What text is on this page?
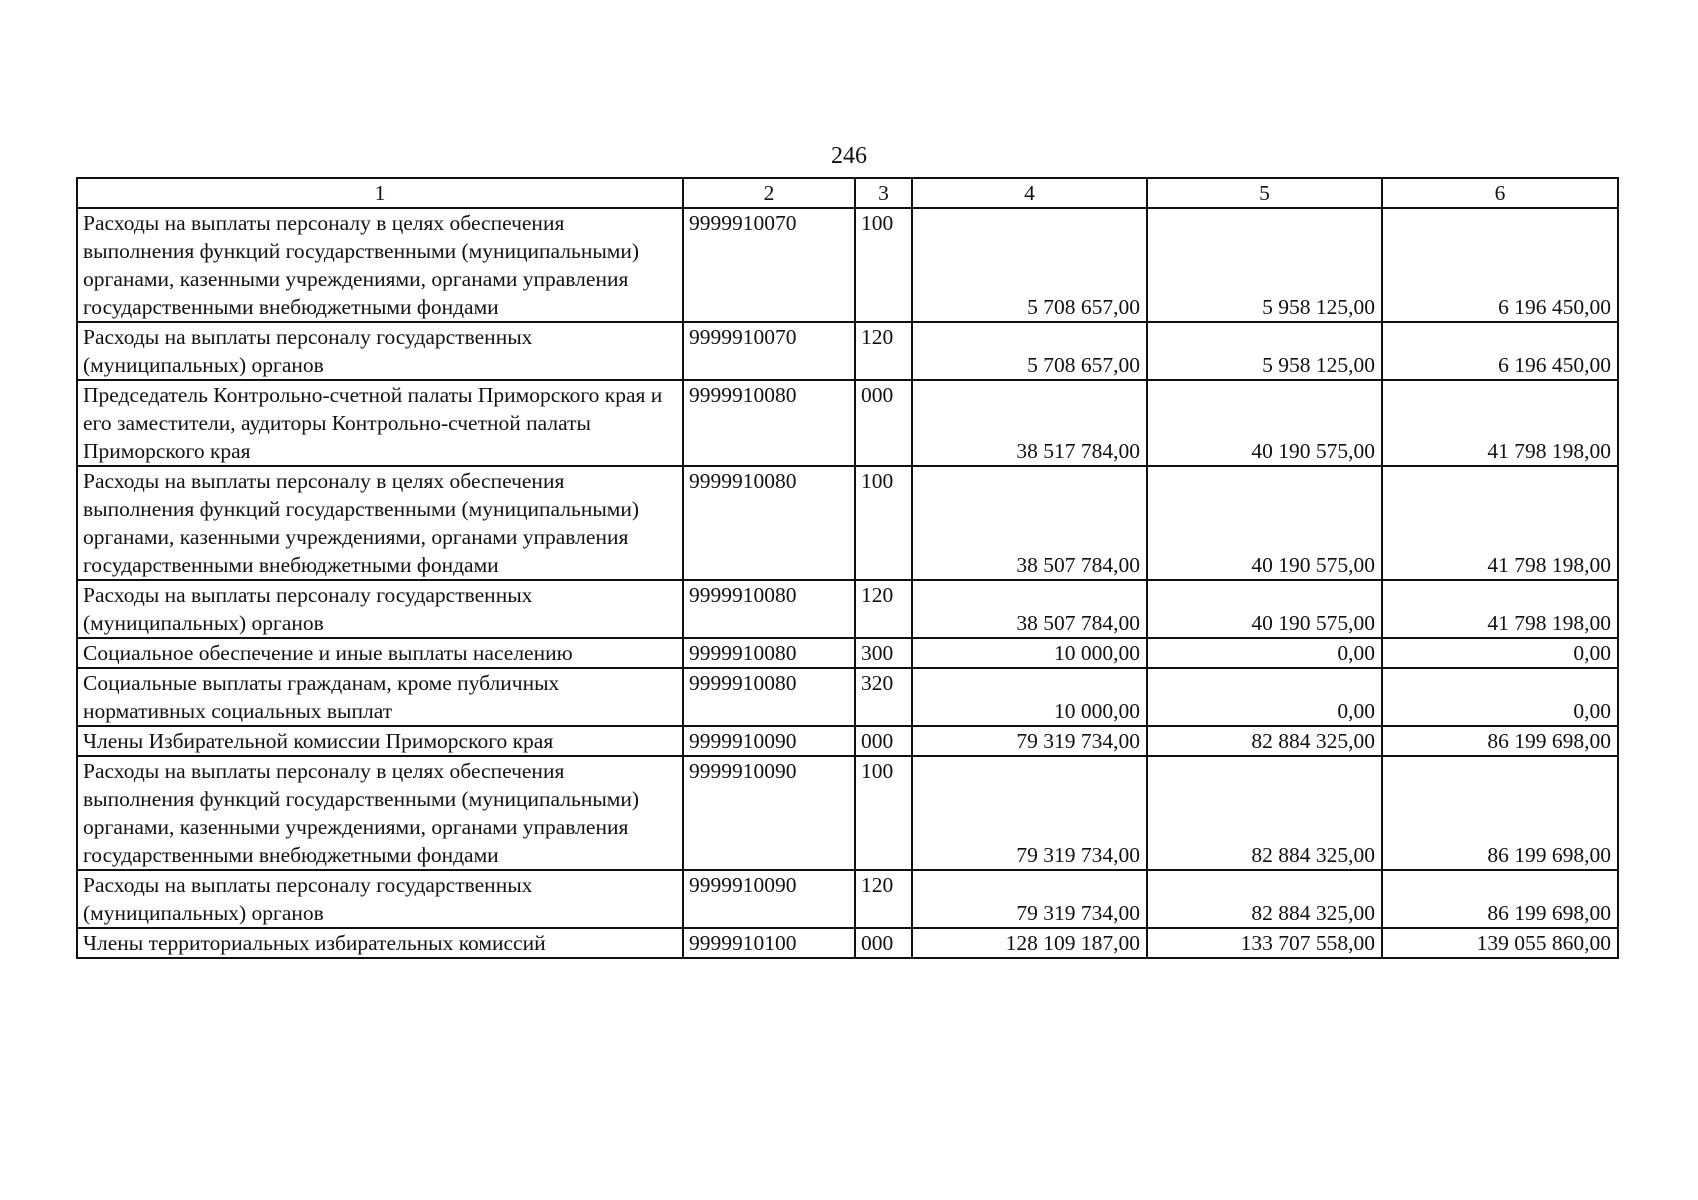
246
1	2	3	4	5	6
Расходы на выплаты персоналу в целях обеспечения выполнения функций государственными (муниципальными) органами, казенными учреждениями, органами управления государственными внебюджетными фондами	9999910070	100	5 708 657,00	5 958 125,00	6 196 450,00
Расходы на выплаты персоналу государственных (муниципальных) органов	9999910070	120	5 708 657,00	5 958 125,00	6 196 450,00
Председатель Контрольно-счетной палаты Приморского края и его заместители, аудиторы Контрольно-счетной палаты Приморского края	9999910080	000	38 517 784,00	40 190 575,00	41 798 198,00
Расходы на выплаты персоналу в целях обеспечения выполнения функций государственными (муниципальными) органами, казенными учреждениями, органами управления государственными внебюджетными фондами	9999910080	100	38 507 784,00	40 190 575,00	41 798 198,00
Расходы на выплаты персоналу государственных (муниципальных) органов	9999910080	120	38 507 784,00	40 190 575,00	41 798 198,00
Социальное обеспечение и иные выплаты населению	9999910080	300	10 000,00	0,00	0,00
Социальные выплаты гражданам, кроме публичных нормативных социальных выплат	9999910080	320	10 000,00	0,00	0,00
Члены Избирательной комиссии Приморского края	9999910090	000	79 319 734,00	82 884 325,00	86 199 698,00
Расходы на выплаты персоналу в целях обеспечения выполнения функций государственными (муниципальными) органами, казенными учреждениями, органами управления государственными внебюджетными фондами	9999910090	100	79 319 734,00	82 884 325,00	86 199 698,00
Расходы на выплаты персоналу государственных (муниципальных) органов	9999910090	120	79 319 734,00	82 884 325,00	86 199 698,00
Члены территориальных избирательных комиссий	9999910100	000	128 109 187,00	133 707 558,00	139 055 860,00
